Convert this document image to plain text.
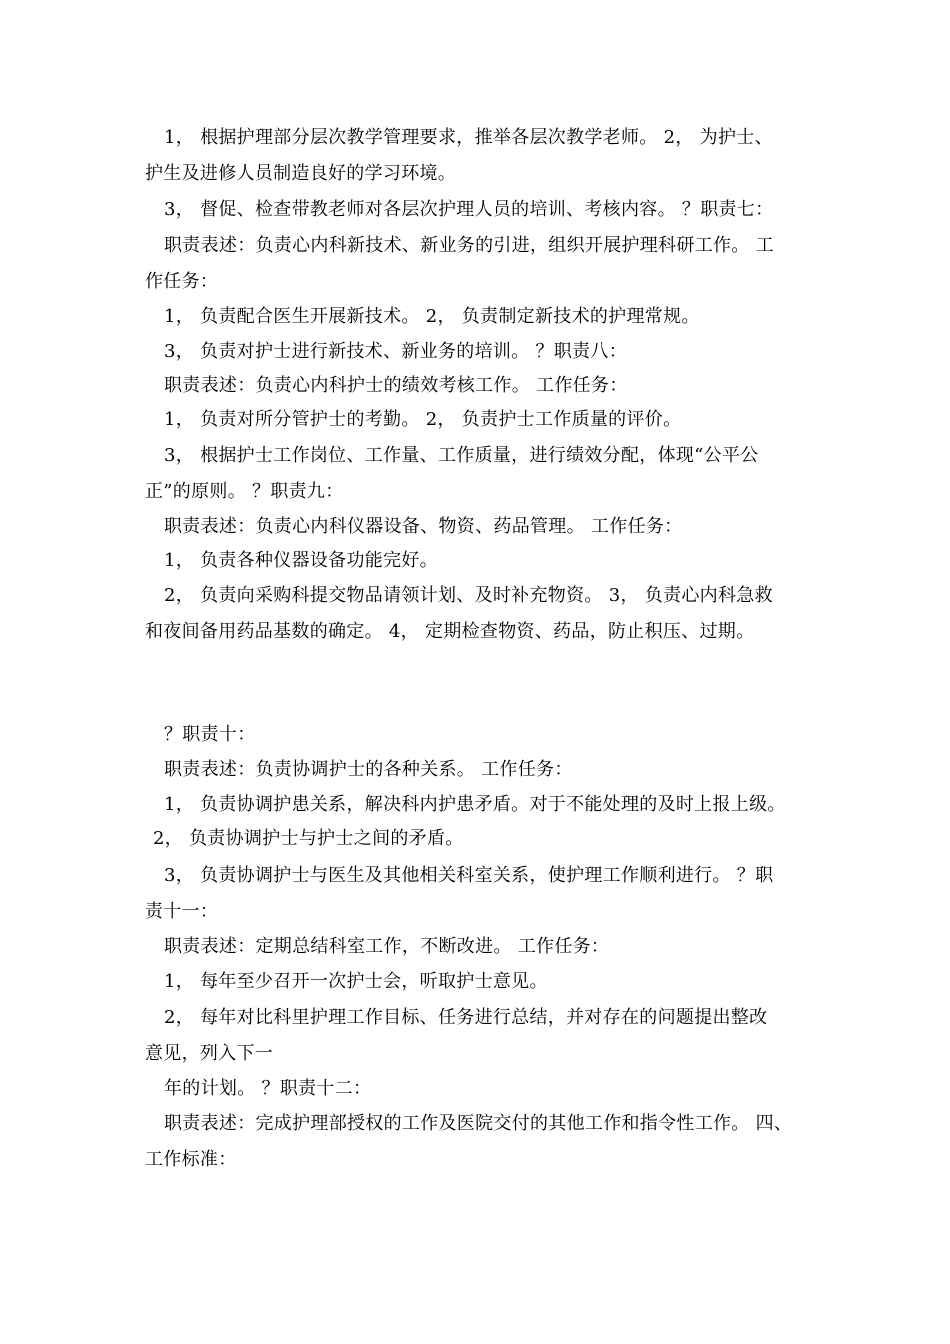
1， 根据护理部分层次教学管理要求，推举各层次教学老师。 2， 为护士、
护生及进修人员制造良好的学习环境。
3， 督促、检查带教老师对各层次护理人员的培训、考核内容。 ？职责七：
职责表述：负责心内科新技术、新业务的引进，组织开展护理科研工作。 工
作任务：
1， 负责配合医生开展新技术。 2， 负责制定新技术的护理常规。
3， 负责对护士进行新技术、新业务的培训。 ？职责八：
职责表述：负责心内科护士的绩效考核工作。 工作任务：
1， 负责对所分管护士的考勤。 2， 负责护士工作质量的评价。
3， 根据护士工作岗位、工作量、工作质量，进行绩效分配，体现“公平公
正”的原则。 ？职责九：
职责表述：负责心内科仪器设备、物资、药品管理。 工作任务：
1， 负责各种仪器设备功能完好。
2， 负责向采购科提交物品请领计划、及时补充物资。 3， 负责心内科急救
和夜间备用药品基数的确定。 4， 定期检查物资、药品，防止积压、过期。
？职责十：
职责表述：负责协调护士的各种关系。 工作任务：
1， 负责协调护患关系，解决科内护患矛盾。对于不能处理的及时上报上级。
2， 负责协调护士与护士之间的矛盾。
3， 负责协调护士与医生及其他相关科室关系，使护理工作顺利进行。 ？职
责十一：
职责表述：定期总结科室工作，不断改进。 工作任务：
1， 每年至少召开一次护士会，听取护士意见。
2， 每年对比科里护理工作目标、任务进行总结，并对存在的问题提出整改
意见，列入下一
年的计划。 ？职责十二：
职责表述：完成护理部授权的工作及医院交付的其他工作和指令性工作。 四、
工作标准：
